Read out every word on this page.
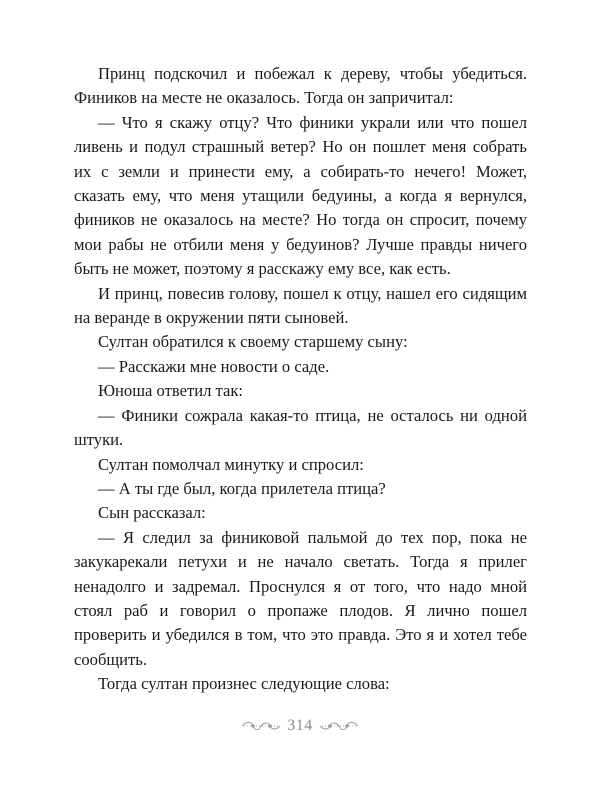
Принц подскочил и побежал к дереву, чтобы убедиться. Фиников на месте не оказалось. Тогда он запричитал:

— Что я скажу отцу? Что финики украли или что пошел ливень и подул страшный ветер? Но он пошлет меня собрать их с земли и принести ему, а собирать-то нечего! Может, сказать ему, что меня утащили бедуины, а когда я вернулся, фиников не оказалось на месте? Но тогда он спросит, почему мои рабы не отбили меня у бедуинов? Лучше правды ничего быть не может, поэтому я расскажу ему все, как есть.

И принц, повесив голову, пошел к отцу, нашел его сидящим на веранде в окружении пяти сыновей.

Султан обратился к своему старшему сыну:

— Расскажи мне новости о саде.

Юноша ответил так:

— Финики сожрала какая-то птица, не осталось ни одной штуки.

Султан помолчал минутку и спросил:

— А ты где был, когда прилетела птица?

Сын рассказал:

— Я следил за финиковой пальмой до тех пор, пока не закукарекали петухи и не начало светать. Тогда я прилег ненадолго и задремал. Проснулся я от того, что надо мной стоял раб и говорил о пропаже плодов. Я лично пошел проверить и убедился в том, что это правда. Это я и хотел тебе сообщить.

Тогда султан произнес следующие слова:

314
